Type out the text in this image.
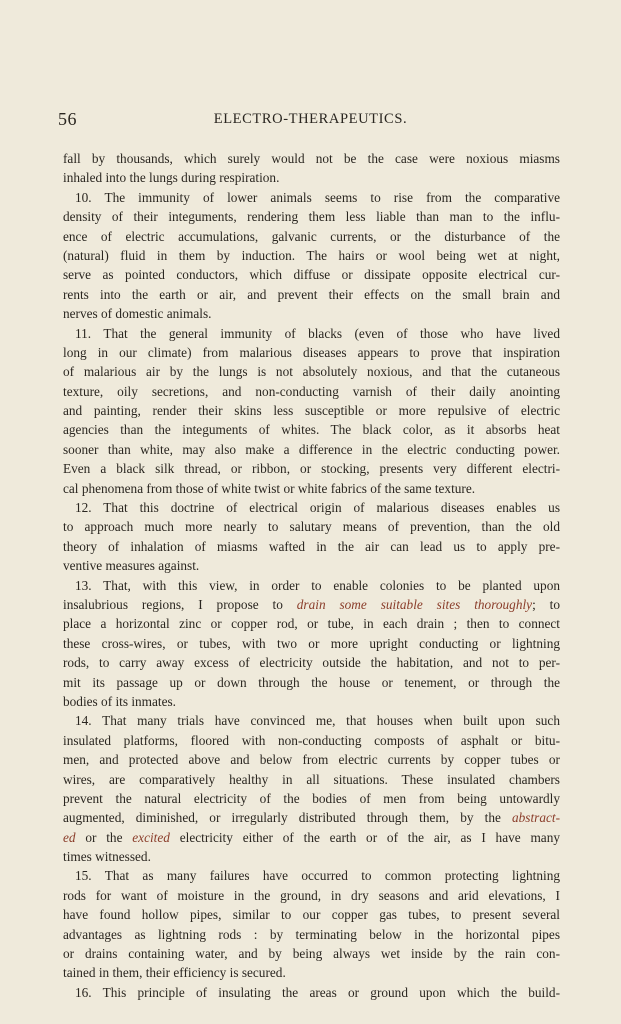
56	ELECTRO-THERAPEUTICS.
fall by thousands, which surely would not be the case were noxious miasms
inhaled into the lungs during respiration.
10. The immunity of lower animals seems to rise from the comparative
density of their integuments, rendering them less liable than man to the influ-
ence of electric accumulations, galvanic currents, or the disturbance of the
(natural) fluid in them by induction. The hairs or wool being wet at night,
serve as pointed conductors, which diffuse or dissipate opposite electrical cur-
rents into the earth or air, and prevent their effects on the small brain and
nerves of domestic animals.
11. That the general immunity of blacks (even of those who have lived
long in our climate) from malarious diseases appears to prove that inspiration
of malarious air by the lungs is not absolutely noxious, and that the cutaneous
texture, oily secretions, and non-conducting varnish of their daily anointing
and painting, render their skins less susceptible or more repulsive of electric
agencies than the integuments of whites. The black color, as it absorbs heat
sooner than white, may also make a difference in the electric conducting power.
Even a black silk thread, or ribbon, or stocking, presents very different electri-
cal phenomena from those of white twist or white fabrics of the same texture.
12. That this doctrine of electrical origin of malarious diseases enables us
to approach much more nearly to salutary means of prevention, than the old
theory of inhalation of miasms wafted in the air can lead us to apply pre-
ventive measures against.
13. That, with this view, in order to enable colonies to be planted upon
insalubrious regions, I propose to drain some suitable sites thoroughly; to
place a horizontal zinc or copper rod, or tube, in each drain ; then to connect
these cross-wires, or tubes, with two or more upright conducting or lightning
rods, to carry away excess of electricity outside the habitation, and not to per-
mit its passage up or down through the house or tenement, or through the
bodies of its inmates.
14. That many trials have convinced me, that houses when built upon such
insulated platforms, floored with non-conducting composts of asphalt or bitu-
men, and protected above and below from electric currents by copper tubes or
wires, are comparatively healthy in all situations. These insulated chambers
prevent the natural electricity of the bodies of men from being untowardly
augmented, diminished, or irregularly distributed through them, by the abstract-
ed or the excited electricity either of the earth or of the air, as I have many
times witnessed.
15. That as many failures have occurred to common protecting lightning
rods for want of moisture in the ground, in dry seasons and arid elevations, I
have found hollow pipes, similar to our copper gas tubes, to present several
advantages as lightning rods : by terminating below in the horizontal pipes
or drains containing water, and by being always wet inside by the rain con-
tained in them, their efficiency is secured.
16. This principle of insulating the areas or ground upon which the build-
